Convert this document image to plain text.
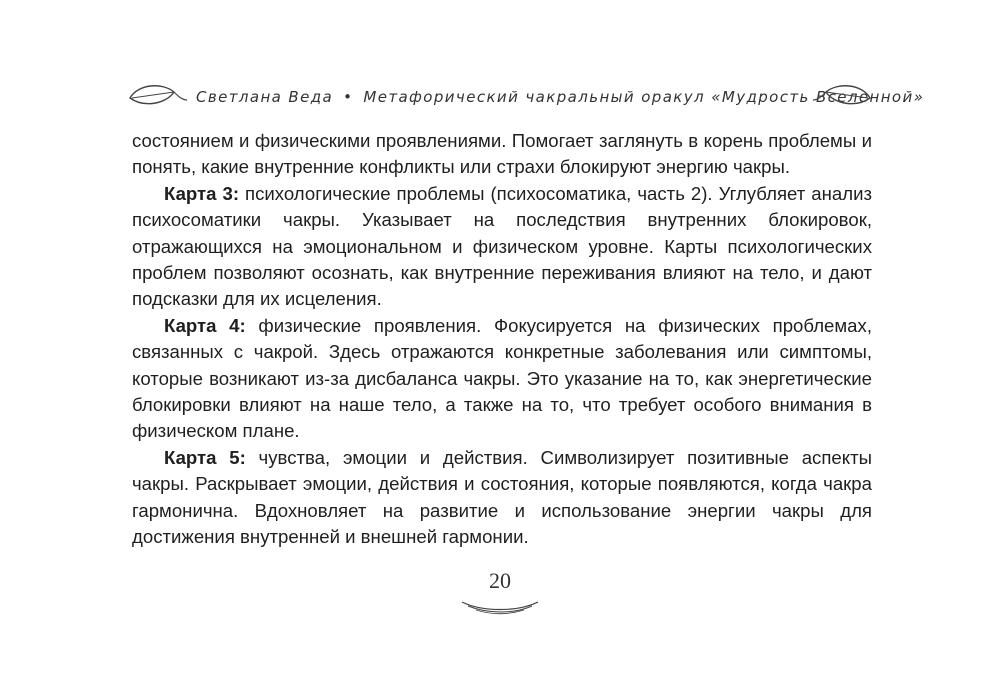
Светлана Веда • Метафорический чакральный оракул «Мудрость Вселенной»

состоянием и физическими проявлениями. Помогает заглянуть в корень проблемы и понять, какие внутренние конфликты или страхи блокируют энергию чакры.

Карта 3: психологические проблемы (психосоматика, часть 2). Углубляет анализ психосоматики чакры. Указывает на последствия внутренних блокировок, отражающихся на эмоциональном и физическом уровне. Карты психологических проблем позволяют осознать, как внутренние переживания влияют на тело, и дают подсказки для их исцеления.

Карта 4: физические проявления. Фокусируется на физических проблемах, связанных с чакрой. Здесь отражаются конкретные заболевания или симптомы, которые возникают из-за дисбаланса чакры. Это указание на то, как энергетические блокировки влияют на наше тело, а также на то, что требует особого внимания в физическом плане.

Карта 5: чувства, эмоции и действия. Символизирует позитивные аспекты чакры. Раскрывает эмоции, действия и состояния, которые появляются, когда чакра гармонична. Вдохновляет на развитие и использование энергии чакры для достижения внутренней и внешней гармонии.

20
